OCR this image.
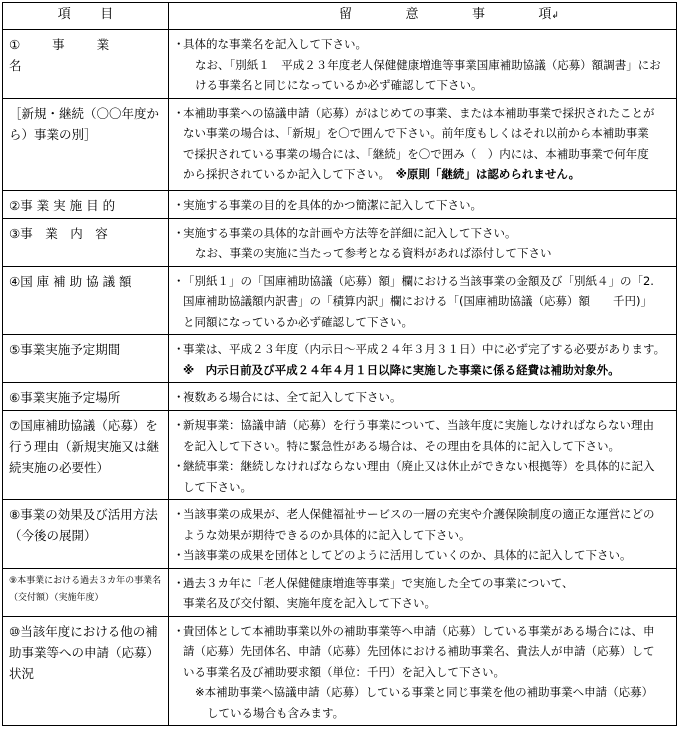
項 目	留 意 事 項↲

① 事 業 名	・具体的な事業名を記入して下さい。
なお、「別紙１　平成２３年度老人保健健康増進等事業国庫補助協議（応募）額調書」にお
ける事業名と同じになっているか必ず確認して下さい。

［新規・継続（〇〇年度から）事業の別］	・本補助事業への協議申請（応募）がはじめての事業、または本補助事業で採択されたことが
ない事業の場合は、「新規」を〇で囲んで下さい。前年度もしくはそれ以前から本補助事業
で採択されている事業の場合には、「継続」を〇で囲み（　）内には、本補助事業で何年度
から採択されているか記入して下さい。　※原則「継続」は認められません。

②事 業 実 施 目 的	・実施する事業の目的を具体的かつ簡潔に記入して下さい。

③事　業　内　容	・実施する事業の具体的な計画や方法等を詳細に記入して下さい。
なお、事業の実施に当たって参考となる資料があれば添付して下さい

④国 庫 補 助 協 議 額	・「別紙１」の「国庫補助協議（応募）額」欄における当該事業の金額及び「別紙４」の「2.
国庫補助協議額内訳書」の「積算内訳」欄における「(国庫補助協議（応募）額　　千円)」
と同額になっているか必ず確認して下さい。

⑤事業実施予定期間	・事業は、平成２３年度（内示日～平成２４年３月３１日）中に必ず完了する必要があります。
※　内示日前及び平成２４年４月１日以降に実施した事業に係る経費は補助対象外。

⑥事業実施予定場所	・複数ある場合には、全て記入して下さい。

⑦国庫補助協議（応募）を行う理由（新規実施又は継続実施の必要性）	・新規事業：協議申請（応募）を行う事業について、当該年度に実施しなければならない理由
を記入して下さい。特に緊急性がある場合は、その理由を具体的に記入して下さい。
・継続事業：継続しなければならない理由（廃止又は休止ができない根拠等）を具体的に記入
して下さい。

⑧事業の効果及び活用方法（今後の展開）	・当該事業の成果が、老人保健福祉サービスの一層の充実や介護保険制度の適正な運営にどの
ような効果が期待できるのか具体的に記入して下さい。
・当該事業の成果を団体としてどのように活用していくのか、具体的に記入して下さい。

⑨本事業における過去３カ年の事業名（交付額）（実施年度）	・過去３カ年に「老人保健健康増進等事業」で実施した全ての事業について、
事業名及び交付額、実施年度を記入して下さい。

⑩当該年度における他の補助事業等への申請（応募）状況	・貴団体として本補助事業以外の補助事業等へ申請（応募）している事業がある場合には、申
請（応募）先団体名、申請（応募）先団体における補助事業名、貴法人が申請（応募）して
いる事業名及び補助要求額（単位：千円）を記入して下さい。
※本補助事業へ協議申請（応募）している事業と同じ事業を他の補助事業へ申請（応募）
している場合も含みます。
